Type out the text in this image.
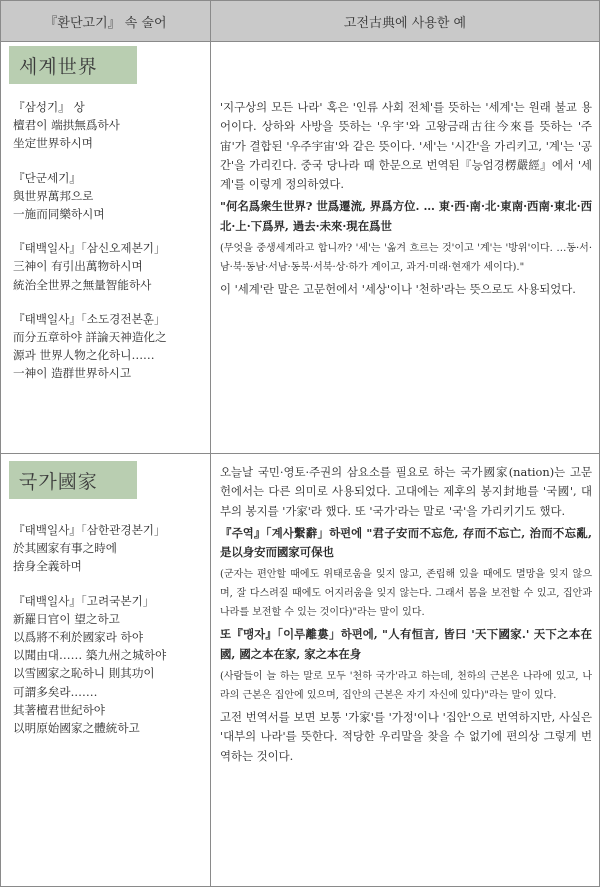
『환단고기』 속 술어	고전古典에 사용한 예
세계世界
『삼성기』 상
檀君이 端拱無爲하사
坐定世界하시며
『단군세기』
與世界萬邦으로
一施而同樂하시며
『태백일사』「삼신오제본기」
三神이 有引出萬物하시며
統治全世界之無量智能하사
『태백일사』「소도경전본훈」
而分五章하야 詳論天神造化之
源과 世界人物之化하니……
一神이 造群世界하시고

'지구상의 모든 나라' 혹은 '인류 사회 전체'를 뜻하는 '세계'는 원래 불교 용어이다. 상하와 사방을 뜻하는 '우宇'와 고왕금래古往今來를 뜻하는 '주宙'가 결합된 '우주宇宙'와 같은 뜻이다. '세'는 '시간'을 가리키고, '계'는 '공간'을 가리킨다. 중국 당나라 때 한문으로 번역된『능엄경楞嚴經』에서 '세계'를 이렇게 정의하였다.

"何名爲衆生世界? 世爲遷流, 界爲方位. … 東·西·南·北·東南·西南·東北·西北·上·下爲界, 過去·未來·現在爲世

(무엇을 중생세계라고 합니까? '세'는 '옮겨 흐르는 것'이고 '계'는 '방위'이다. …동·서·남·북·동남·서남·동북·서북·상·하가 계이고, 과거·미래·현재가 세이다)."

이 '세계'란 말은 고문헌에서 '세상'이나 '천하'라는 뜻으로도 사용되었다.

국가國家
『태백일사』「삼한관경본기」
於其國家有事之時에
捨身全義하며
『태백일사』「고려국본기」
新羅日官이 望之하고
以爲將不利於國家라 하야
以聞由대…… 築九州之城하야
以雪國家之恥하니 則其功이
可謂多矣라.……
其著檀君世紀하야
以明原始國家之體統하고

오늘날 국민·영토·주권의 삼요소를 필요로 하는 국가國家(nation)는 고문헌에서는 다른 의미로 사용되었다. 고대에는 제후의 봉지封地를 '국國', 대부의 봉지를 '가家'라 했다. 또 '국가'라는 말로 '국'을 가리키기도 했다.

『주역』「계사繫辭」하편에 "君子安而不忘危, 存而不忘亡, 治而不忘亂, 是以身安而國家可保也

(군자는 편안할 때에도 위태로움을 잊지 않고, 존립해 있을 때에도 멸망을 잊지 않으며, 잘 다스려질 때에도 어지러움을 잊지 않는다. 그래서 몸을 보전할 수 있고, 집안과 나라를 보전할 수 있는 것이다)"라는 말이 있다.

또『맹자』「이루離婁」하편에, "人有恒言, 皆曰 '天下國家.' 天下之本在國, 國之本在家, 家之本在身

(사람들이 늘 하는 말로 모두 '천하 국가'라고 하는데, 천하의 근본은 나라에 있고, 나라의 근본은 집안에 있으며, 집안의 근본은 자기 자신에 있다)"라는 말이 있다.

고전 번역서를 보면 보통 '가家'를 '가정'이나 '집안'으로 번역하지만, 사실은 '대부의 나라'를 뜻한다. 적당한 우리말을 찾을 수 없기에 편의상 그렇게 번역하는 것이다.
